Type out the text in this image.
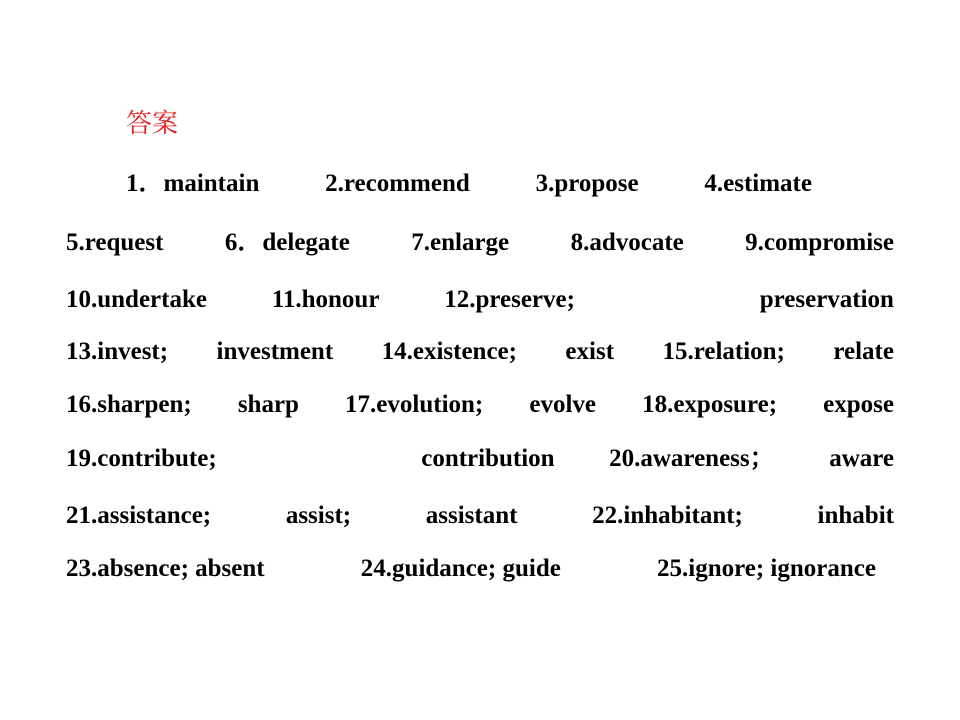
答案
1．maintain	2.recommend	3.propose	4.estimate
5.request 6．delegate 7.enlarge 8.advocate 9.compromise
10.undertake	11.honour	12.preserve;	preservation
13.invest; investment 14.existence; exist 15.relation; relate
16.sharpen; sharp 17.evolution; evolve 18.exposure; expose
19.contribute;	contribution 20.awareness； aware
21.assistance;	assist;	assistant	22.inhabitant;	inhabit
23.absence; absent	24.guidance; guide	25.ignore; ignorance
